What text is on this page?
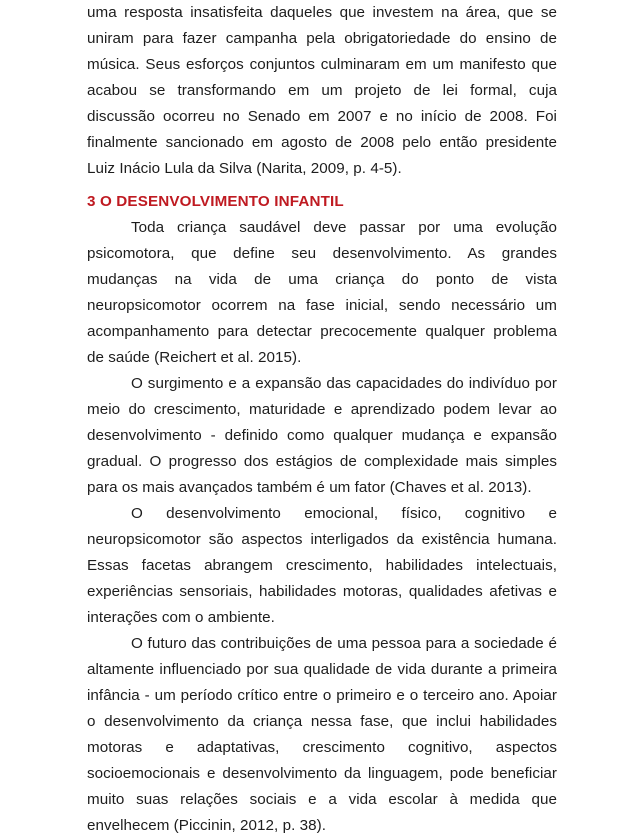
uma resposta insatisfeita daqueles que investem na área, que se uniram para fazer campanha pela obrigatoriedade do ensino de música. Seus esforços conjuntos culminaram em um manifesto que acabou se transformando em um projeto de lei formal, cuja discussão ocorreu no Senado em 2007 e no início de 2008. Foi finalmente sancionado em agosto de 2008 pelo então presidente Luiz Inácio Lula da Silva (Narita, 2009, p. 4-5).

3 O DESENVOLVIMENTO INFANTIL

Toda criança saudável deve passar por uma evolução psicomotora, que define seu desenvolvimento. As grandes mudanças na vida de uma criança do ponto de vista neuropsicomotor ocorrem na fase inicial, sendo necessário um acompanhamento para detectar precocemente qualquer problema de saúde (Reichert et al. 2015).

O surgimento e a expansão das capacidades do indivíduo por meio do crescimento, maturidade e aprendizado podem levar ao desenvolvimento - definido como qualquer mudança e expansão gradual. O progresso dos estágios de complexidade mais simples para os mais avançados também é um fator (Chaves et al. 2013).

O desenvolvimento emocional, físico, cognitivo e neuropsicomotor são aspectos interligados da existência humana. Essas facetas abrangem crescimento, habilidades intelectuais, experiências sensoriais, habilidades motoras, qualidades afetivas e interações com o ambiente.

O futuro das contribuições de uma pessoa para a sociedade é altamente influenciado por sua qualidade de vida durante a primeira infância - um período crítico entre o primeiro e o terceiro ano. Apoiar o desenvolvimento da criança nessa fase, que inclui habilidades motoras e adaptativas, crescimento cognitivo, aspectos socioemocionais e desenvolvimento da linguagem, pode beneficiar muito suas relações sociais e a vida escolar à medida que envelhecem (Piccinin, 2012, p. 38).
